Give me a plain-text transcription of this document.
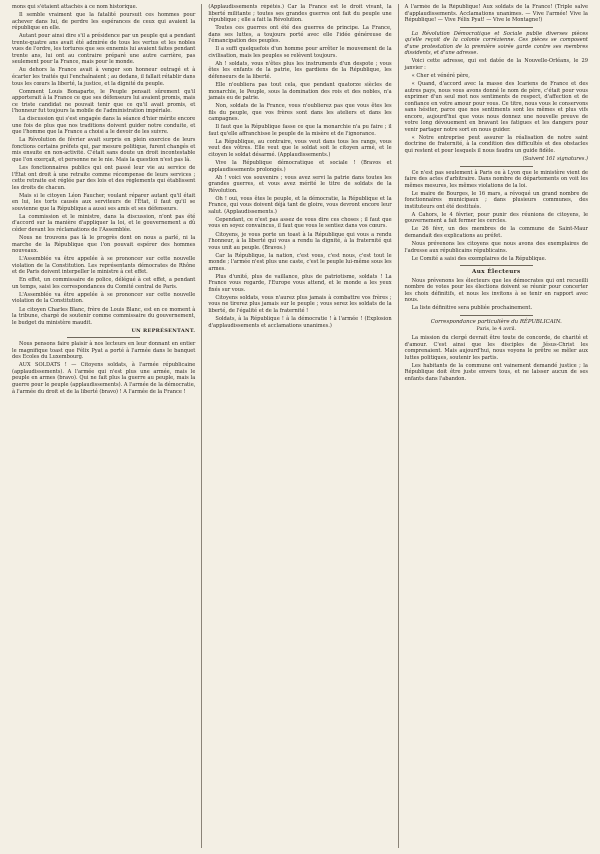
mons qui s'étaient attachés à ce nom historique.

Il semble vraiment que la fatalité poursuit ces hommes pour achever dans lui, de perdre les espérances de ceux qui avaient la république en elle.

Autant pour ainsi dire s'il a présidence par un peuple qui a pendant trente-quatre ans avait été admirée de tous les vertus et les nobles vues de l'ordre, les tortures que ses ennemis lui avaient faites pendant trente ans, lui ont au contraire préparé une autre carrière, pas seulement pour la France, mais pour le monde.

Au dehors la France avait à venger son honneur outragé et à écarter les traités qui l'enchaînaient ; au dedans, il fallait rétablir dans tous les cœurs la liberté, la justice, et la dignité du peuple.

Comment Louis Bonaparte, le Peuple pensait sûrement qu'il apporterait à la France ce que ses défenseurs lui avaient promis, mais ce triste candidat ne pouvait tenir que ce qu'il avait promis, et l'honneur fut toujours la mobile de l'administration impériale.

La discussion qui s'est engagée dans la séance d'hier mérite encore une fois de plus que nos traditions doivent guider notre conduite, et que l'homme que la France a choisi a le devoir de les suivre.

La Révolution de février avait surpris en plein exercice de leurs fonctions certains préfets qui, par mesure politique, furent changés et mis ensuite en non-activité. C'était sans doute un droit incontestable que l'on exerçait, et personne ne le nie. Mais la question n'est pas là.

Les fonctionnaires publics qui ont passé leur vie au service de l'État ont droit à une retraite comme récompense de leurs services ; cette retraite est réglée par des lois et des règlements qui établissent les droits de chacun.

Mais si le citoyen Léon Faucher, voulant réparer autant qu'il était en lui, les torts causés aux serviteurs de l'État, il faut qu'il se souvienne que la République a aussi ses amis et ses défenseurs.

La commission et le ministre, dans la discussion, n'ont pas été d'accord sur la manière d'appliquer la loi, et le gouvernement a dû céder devant les réclamations de l'Assemblée.

Nous ne trouvons pas là le progrès dont on nous a parlé, ni la marche de la République que l'on pouvait espérer des hommes nouveaux.

L'Assemblée va être appelée à se prononcer sur cette nouvelle violation de la Constitution. Les représentants démocrates de Rhône et de Paris doivent interpeller le ministre à cet effet.

En effet, un commissaire de police, délégué à cet effet, a pendant un temps, saisi les correspondances du Comité central de Paris.

L'Assemblée va être appelée à se prononcer sur cette nouvelle violation de la Constitution.

Le citoyen Charles Blanc, frère de Louis Blanc, est en ce moment à la tribune, chargé de soutenir comme commissaire du gouvernement, le budget du ministère maudit.

UN REPRÉSENTANT.

Nous pensons faire plaisir à nos lecteurs en leur donnant en entier le magnifique toast que Félix Pyat a porté à l'armée dans le banquet des Ecoles du Luxembourg.

AUX SOLDATS ! — Citoyens soldats, à l'armée républicaine (applaudissements). A l'armée qui n'est plus une armée, mais le peuple en armes (bravo). Qui ne fait plus la guerre au peuple, mais la guerre pour le peuple (applaudissements). A l'armée de la démocratie, à l'armée du droit et de la liberté (bravo) ! A l'armée de la France !

(Applaudissements répétés.) Car la France est le droit vivant, la liberté militante ; toutes ses grandes guerres ont fait du peuple une république ; elle a fait la Révolution.

Toutes ces guerres ont été des guerres de principe. La France, dans ses luttes, a toujours porté avec elle l'idée généreuse de l'émancipation des peuples.

Il a suffi quelquefois d'un homme pour arrêter le mouvement de la civilisation, mais les peuples se relèvent toujours.

Ah ! soldats, vous n'êtes plus les instruments d'un despote ; vous êtes les enfants de la patrie, les gardiens de la République, les défenseurs de la liberté.

Elle n'oubliera pas tout cela, que pendant quatorze siècles de monarchie, le Peuple, sous la domination des rois et des nobles, n'a jamais eu de patrie.

Non, soldats de la France, vous n'oublierez pas que vous êtes les fils du peuple, que vos frères sont dans les ateliers et dans les campagnes.

Il faut que la République fasse ce que la monarchie n'a pu faire ; il faut qu'elle affranchisse le peuple de la misère et de l'ignorance.

La République, au contraire, vous veut dans tous les rangs, vous veut des vôtres. Elle veut que le soldat soit le citoyen armé, et le citoyen le soldat désarmé. (Applaudissements.)

Vive la République démocratique et sociale ! (Bravos et applaudissements prolongés.)

Ah ! voici vos souvenirs ; vous avez servi la patrie dans toutes les grandes guerres, et vous avez mérité le titre de soldats de la Révolution.

Oh ! oui, vous êtes le peuple, et la démocratie, la République et la France, qui vous doivent déjà tant de gloire, vous devront encore leur salut. (Applaudissements.)

Cependant, ce n'est pas assez de vous dire ces choses ; il faut que vous en soyez convaincus, il faut que vous le sentiez dans vos cœurs.

Citoyens, je vous porte un toast à la République qui vous a rendu l'honneur, à la liberté qui vous a rendu la dignité, à la fraternité qui vous unit au peuple. (Bravos.)

Car la République, la nation, c'est vous, c'est nous, c'est tout le monde ; l'armée n'est plus une caste, c'est le peuple lui-même sous les armes.

Plus d'unité, plus de vaillance, plus de patriotisme, soldats ! La France vous regarde, l'Europe vous attend, et le monde a les yeux fixés sur vous.

Citoyens soldats, vous n'aurez plus jamais à combattre vos frères ; vous ne tirerez plus jamais sur le peuple ; vous serez les soldats de la liberté, de l'égalité et de la fraternité !

Soldats, à la République ! à la démocratie ! à l'armée ! (Explosion d'applaudissements et acclamations unanimes.)

A l'armée de la République! Aux soldats de la France! (Triple salve d'applaudissements. Acclamations unanimes. — Vive l'armée! Vive la République! — Vive Félix Pyat! — Vive le Montagne!)

La Révolution Démocratique et Sociale publie diverses pièces qu'elle reçoit de la colonie corrézienne. Ces pièces se composent d'une protestation de la première soirée garde contre ses membres dissidents, et d'une adresse.

Voici cette adresse, qui est datée de la Nouvelle-Orléans, le 29 janvier :

« Cher et vénéré père,

« Quand, d'accord avec la masse des Icariens de France et des autres pays, nous vous avons donné le nom de père, c'était pour vous exprimer d'un seul mot nos sentiments de respect, d'affection et de confiance en votre amour pour vous. Ce titre, nous vous le conservons sans hésiter, parce que nos sentiments sont les mêmes et plus vifs encore, aujourd'hui que vous nous donnez une nouvelle preuve de votre long dévouement en bravant les fatigues et les dangers pour venir partager notre sort en nous guider.

« Notre entreprise peut assurer la réalisation de notre saint doctrine de fraternité, à la condition des difficultés et des obstacles qui restent et pour lesquels il nous faudra un guide fidèle.

(Suivent 161 signatures.)

Ce n'est pas seulement à Paris ou à Lyon que le ministère vient de faire des actes d'arbitraire. Dans nombre de départements on voit les mêmes mesures, les mêmes violations de la loi.

Le maire de Bourges, le 16 mars, a révoqué un grand nombre de fonctionnaires municipaux ; dans plusieurs communes, des instituteurs ont été destitués.

A Cahors, le 4 février, pour punir des réunions de citoyens, le gouvernement a fait fermer les cercles.

Le 26 févr, un des membres de la commune de Saint-Maur demandait des explications au préfet.

Nous prévenons les citoyens que nous avons des exemplaires de l'adresse aux républicains républicains.

Le Comité a saisi des exemplaires de la République.

Aux Électeurs

Nous prévenons les électeurs que les démocrates qui ont recueilli nombre de votes pour les élections doivent se réunir pour concerter les choix définitifs, et nous les invitons à se tenir en rapport avec nous.

La liste définitive sera publiée prochainement.

Correspondance particulière du RÉPUBLICAIN.

Paris, le 4 avril.

La mission du clergé devrait être toute de concorde, de charité et d'amour. C'est ainsi que les disciples de Jésus-Christ les comprenaient. Mais aujourd'hui, nous voyons le prêtre se mêler aux luttes politiques, soutenir les partis.

Les habitants de la commune ont vainement demandé justice ; la République doit être juste envers tous, et ne laisser aucun de ses enfants dans l'abandon.
